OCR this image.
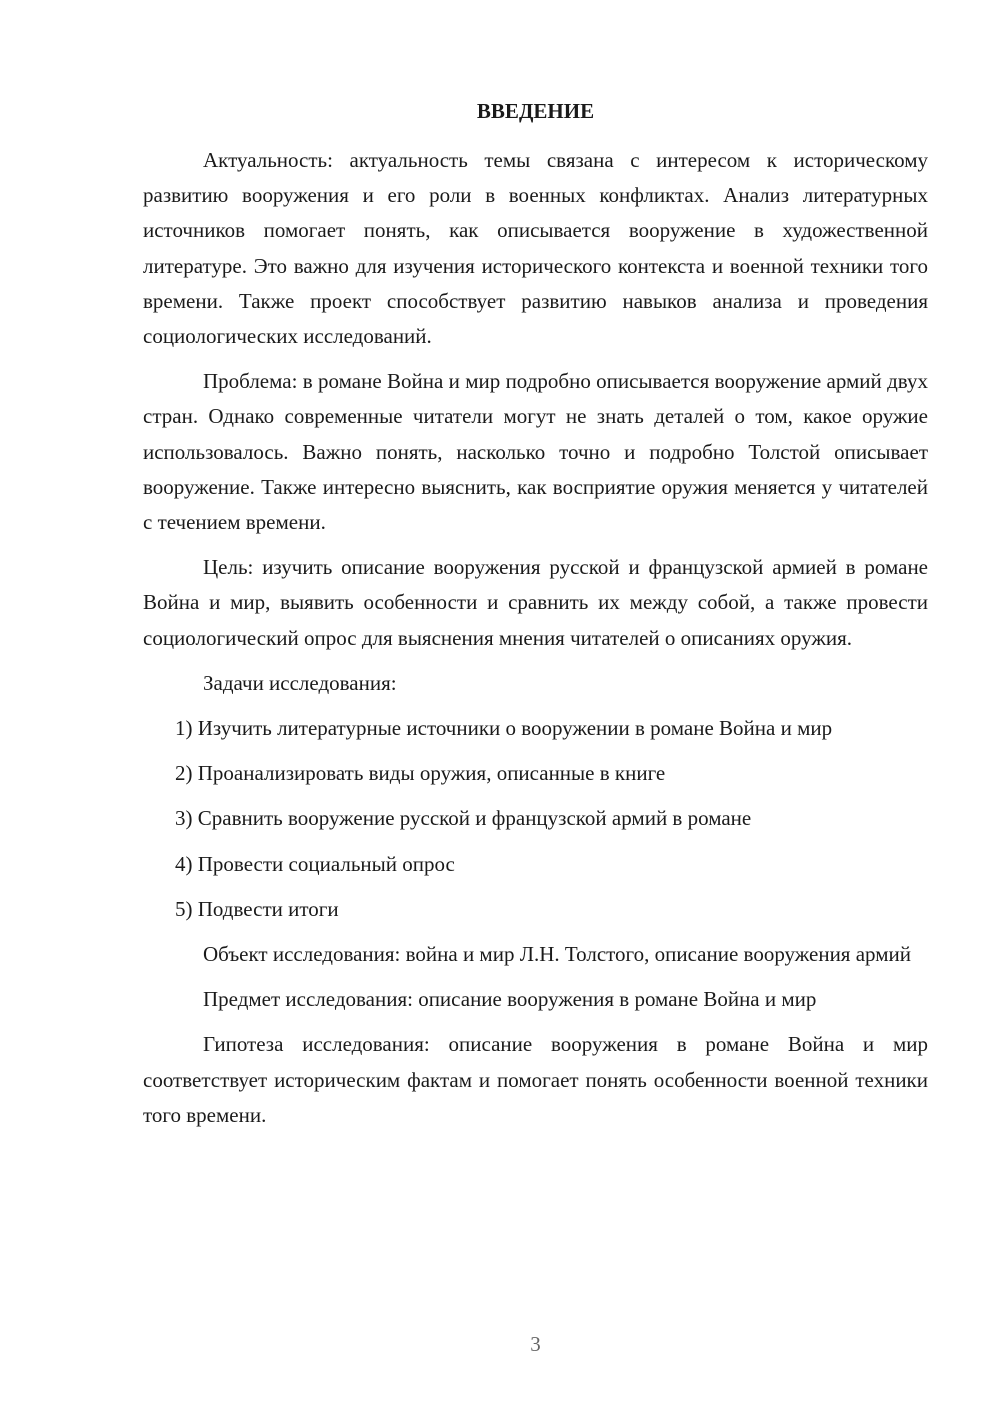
ВВЕДЕНИЕ

Актуальность: актуальность темы связана с интересом к историческому развитию вооружения и его роли в военных конфликтах. Анализ литературных источников помогает понять, как описывается вооружение в художественной литературе. Это важно для изучения исторического контекста и военной техники того времени. Также проект способствует развитию навыков анализа и проведения социологических исследований.

Проблема: в романе Война и мир подробно описывается вооружение армий двух стран. Однако современные читатели могут не знать деталей о том, какое оружие использовалось. Важно понять, насколько точно и подробно Толстой описывает вооружение. Также интересно выяснить, как восприятие оружия меняется у читателей с течением времени.

Цель: изучить описание вооружения русской и французской армией в романе Война и мир, выявить особенности и сравнить их между собой, а также провести социологический опрос для выяснения мнения читателей о описаниях оружия.

Задачи исследования:

1) Изучить литературные источники о вооружении в романе Война и мир

2) Проанализировать виды оружия, описанные в книге

3) Сравнить вооружение русской и французской армий в романе

4) Провести социальный опрос

5) Подвести итоги

Объект исследования: война и мир Л.Н. Толстого, описание вооружения армий

Предмет исследования: описание вооружения в романе Война и мир

Гипотеза исследования: описание вооружения в романе Война и мир соответствует историческим фактам и помогает понять особенности военной техники того времени.

3
